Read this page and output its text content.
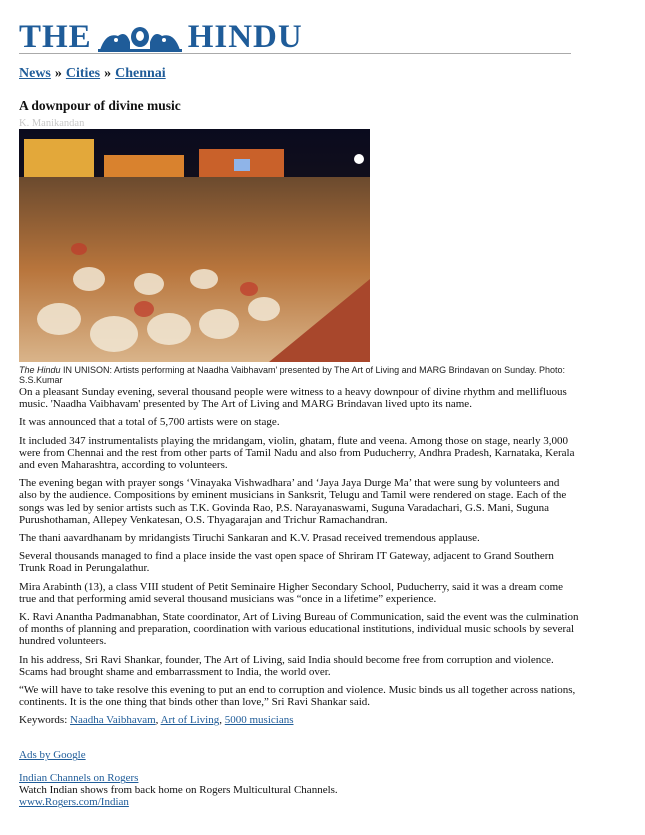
THE	HINDU
News » Cities » Chennai
A downpour of divine music
K. Manikandan
The Hindu IN UNISON: Artists performing at Naadha Vaibhavam' presented by The Art of Living and MARG Brindavan on Sunday. Photo: S.S.Kumar

On a pleasant Sunday evening, several thousand people were witness to a heavy downpour of divine rhythm and mellifluous music. 'Naadha Vaibhavam' presented by The Art of Living and MARG Brindavan lived upto its name.

It was announced that a total of 5,700 artists were on stage.

It included 347 instrumentalists playing the mridangam, violin, ghatam, flute and veena. Among those on stage, nearly 3,000 were from Chennai and the rest from other parts of Tamil Nadu and also from Puducherry, Andhra Pradesh, Karnataka, Kerala and even Maharashtra, according to volunteers.

The evening began with prayer songs ‘Vinayaka Vishwadhara’ and ‘Jaya Jaya Durge Ma’ that were sung by volunteers and also by the audience. Compositions by eminent musicians in Sanksrit, Telugu and Tamil were rendered on stage. Each of the songs was led by senior artists such as T.K. Govinda Rao, P.S. Narayanaswami, Suguna Varadachari, G.S. Mani, Suguna Purushothaman, Allepey Venkatesan, O.S. Thyagarajan and Trichur Ramachandran.

The thani aavardhanam by mridangists Tiruchi Sankaran and K.V. Prasad received tremendous applause.

Several thousands managed to find a place inside the vast open space of Shriram IT Gateway, adjacent to Grand Southern Trunk Road in Perungalathur.

Mira Arabinth (13), a class VIII student of Petit Seminaire Higher Secondary School, Puducherry, said it was a dream come true and that performing amid several thousand musicians was “once in a lifetime” experience.

K. Ravi Anantha Padmanabhan, State coordinator, Art of Living Bureau of Communication, said the event was the culmination of months of planning and preparation, coordination with various educational institutions, individual music schools by several hundred volunteers.

In his address, Sri Ravi Shankar, founder, The Art of Living, said India should become free from corruption and violence. Scams had brought shame and embarrassment to India, the world over.

“We will have to take resolve this evening to put an end to corruption and violence. Music binds us all together across nations, continents. It is the one thing that binds other than love,” Sri Ravi Shankar said.

Keywords: Naadha Vaibhavam, Art of Living, 5000 musicians
Ads by Google
Indian Channels on Rogers
Watch Indian shows from back home on Rogers Multicultural Channels.
www.Rogers.com/Indian
